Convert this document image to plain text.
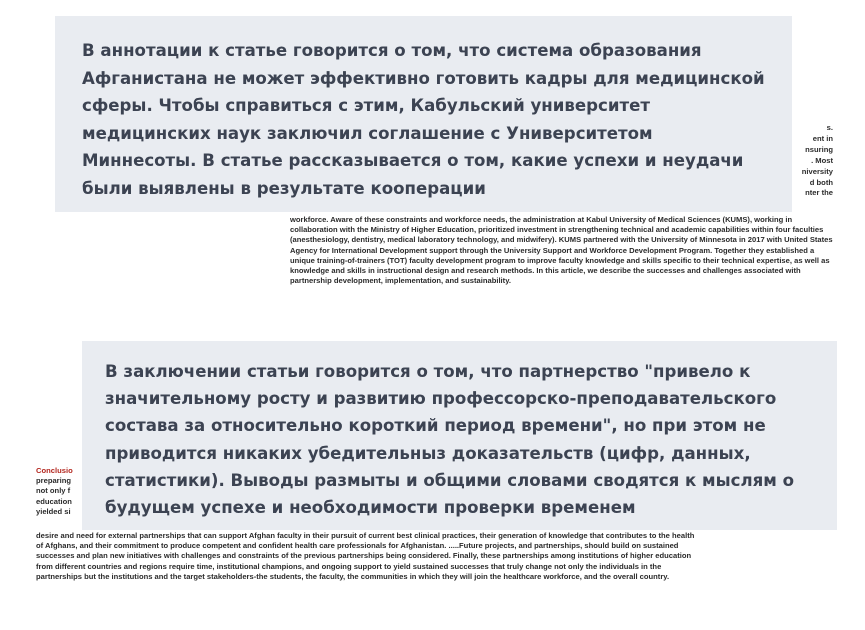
s.
ent in
nsuring
. Most
niversity
d both
nter the

workforce. Aware of these constraints and workforce needs, the administration at Kabul University of Medical Sciences (KUMS), working in collaboration with the Ministry of Higher Education, prioritized investment in strengthening technical and academic capabilities within four faculties (anesthesiology, dentistry, medical laboratory technology, and midwifery). KUMS partnered with the University of Minnesota in 2017 with United States Agency for International Development support through the University Support and Workforce Development Program. Together they established a unique training-of-trainers (TOT) faculty development program to improve faculty knowledge and skills specific to their technical expertise, as well as knowledge and skills in instructional design and research methods. In this article, we describe the successes and challenges associated with partnership development, implementation, and sustainability.

Conclusio
preparing
not only f
education
yielded si

desire and need for external partnerships that can support Afghan faculty in their pursuit of current best clinical practices, their generation of knowledge that contributes to the health of Afghans, and their commitment to produce competent and confident health care professionals for Afghanistan. .....Future projects, and partnerships, should build on sustained successes and plan new initiatives with challenges and constraints of the previous partnerships being considered. Finally, these partnerships among institutions of higher education from different countries and regions require time, institutional champions, and ongoing support to yield sustained successes that truly change not only the individuals in the partnerships but the institutions and the target stakeholders-the students, the faculty, the communities in which they will join the healthcare workforce, and the overall country.

В аннотации к статье говорится о том, что система образования Афганистана не может эффективно готовить кадры для медицинской сферы. Чтобы справиться с этим, Кабульский университет медицинских наук заключил соглашение с Университетом Миннесоты. В статье рассказывается о том, какие успехи и неудачи были выявлены в результате кооперации

В заключении статьи говорится о том, что партнерство "привело к значительному росту и развитию профессорско-преподавательского состава за относительно короткий период времени", но при этом не приводится никаких убедительныз доказательств (цифр, данных, статистики). Выводы размыты и общими словами сводятся к мыслям о будущем успехе и необходимости проверки временем
